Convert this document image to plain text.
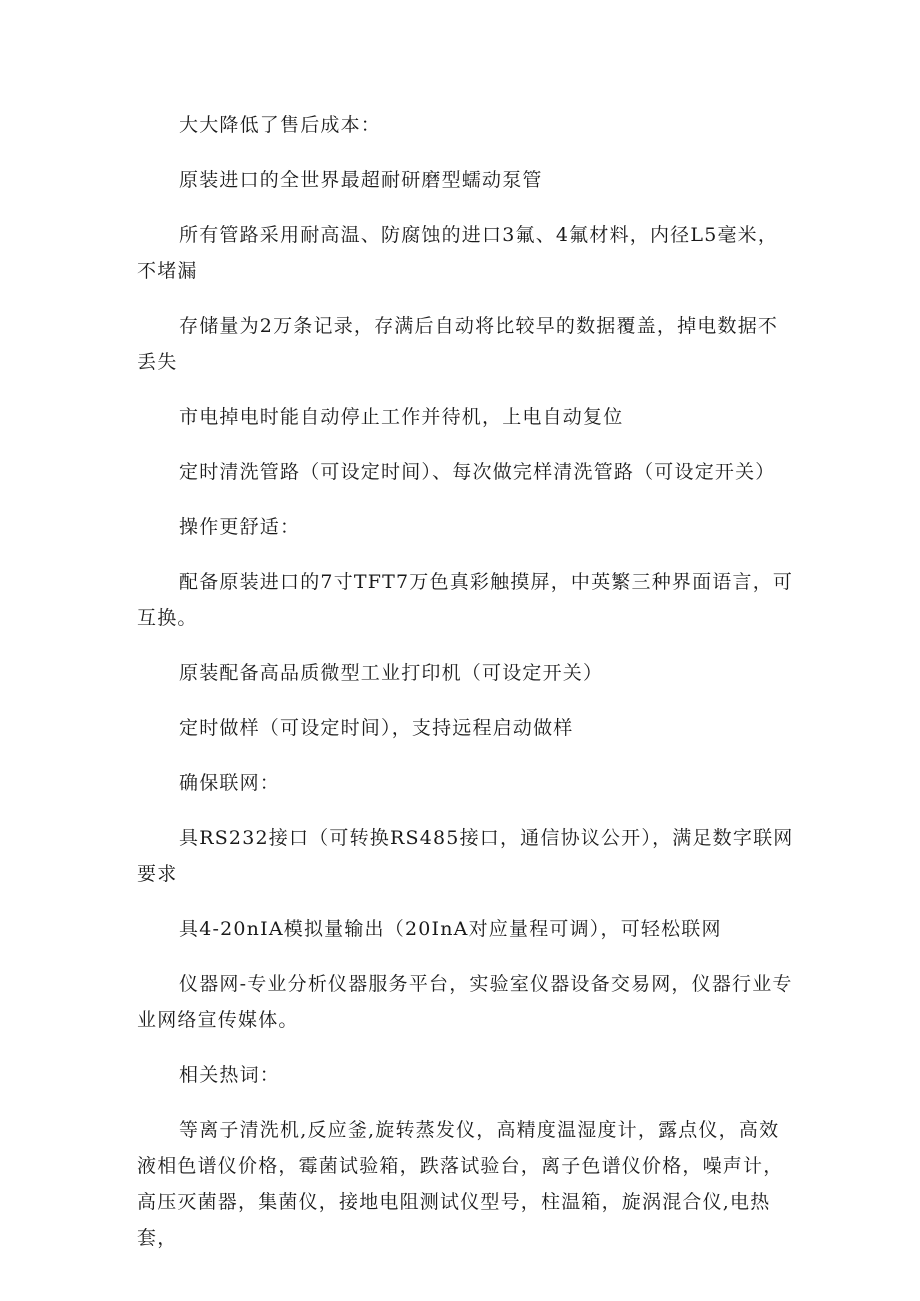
大大降低了售后成本：

原装进口的全世界最超耐研磨型蠕动泵管

所有管路采用耐高温、防腐蚀的进口3氟、4氟材料，内径L5毫米，不堵漏

存储量为2万条记录，存满后自动将比较早的数据覆盖，掉电数据不丢失

市电掉电时能自动停止工作并待机，上电自动复位

定时清洗管路（可设定时间）、每次做完样清洗管路（可设定开关）

操作更舒适：

配备原装进口的7寸TFT7万色真彩触摸屏，中英繁三种界面语言，可互换。

原装配备高品质微型工业打印机（可设定开关）

定时做样（可设定时间），支持远程启动做样

确保联网：

具RS232接口（可转换RS485接口，通信协议公开），满足数字联网要求

具4-20nIA模拟量输出（20InA对应量程可调），可轻松联网

仪器网-专业分析仪器服务平台，实验室仪器设备交易网，仪器行业专业网络宣传媒体。

相关热词：

等离子清洗机,反应釜,旋转蒸发仪，高精度温湿度计，露点仪，高效液相色谱仪价格，霉菌试验箱，跌落试验台，离子色谱仪价格，噪声计，高压灭菌器，集菌仪，接地电阻测试仪型号，柱温箱，旋涡混合仪,电热套，
